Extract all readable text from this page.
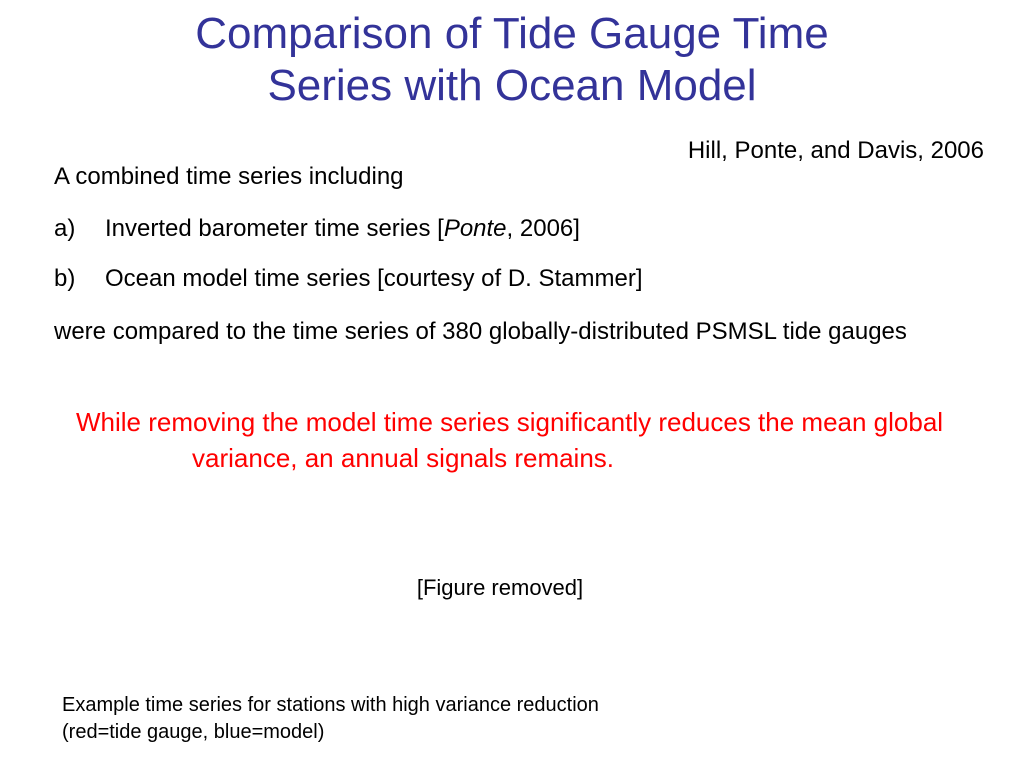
Comparison of Tide Gauge Time
Series with Ocean Model
Hill, Ponte, and Davis, 2006
A combined time series including
a) Inverted barometer time series [Ponte, 2006]
b) Ocean model time series [courtesy of D. Stammer]
were compared to the time series of 380 globally-distributed PSMSL tide gauges
While removing the model time series significantly reduces the mean global variance, an annual signals remains.
[Figure removed]
Example time series for stations with high variance reduction
(red=tide gauge, blue=model)
